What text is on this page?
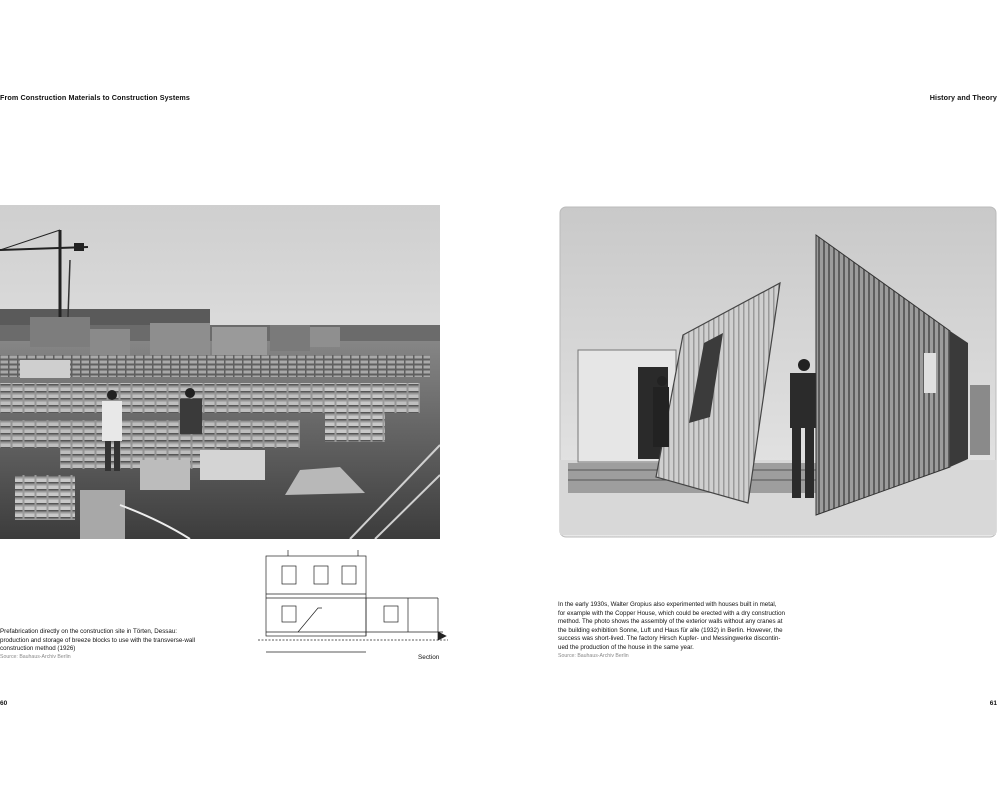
From Construction Materials to Construction Systems	History and Theory
Section
Prefabrication directly on the construction site in Törten, Dessau:
production and storage of breeze blocks to use with the transverse-wall
construction method (1926)
Source: Bauhaus-Archiv Berlin
In the early 1930s, Walter Gropius also experimented with houses built in metal,
for example with the Copper House, which could be erected with a dry construction
method. The photo shows the assembly of the exterior walls without any cranes at
the building exhibition Sonne, Luft und Haus für alle (1932) in Berlin. However, the
success was short-lived. The factory Hirsch Kupfer- und Messingwerke discontin-
ued the production of the house in the same year.
Source: Bauhaus-Archiv Berlin
60	61
